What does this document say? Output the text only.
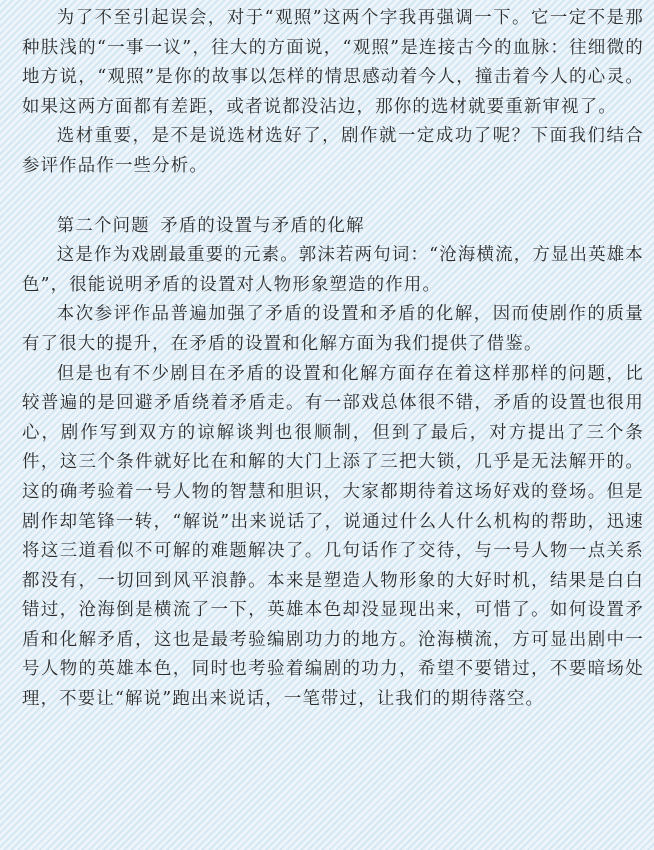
为了不至引起误会，对于“观照”这两个字我再强调一下。它一定不是那种肤浅的“一事一议”，往大的方面说，“观照”是连接古今的血脉：往细微的地方说，“观照”是你的故事以怎样的情思感动着今人，撞击着今人的心灵。如果这两方面都有差距，或者说都没沾边，那你的选材就要重新审视了。

选材重要，是不是说选材选好了，剧作就一定成功了呢？下面我们结合参评作品作一些分析。

第二个问题 矛盾的设置与矛盾的化解

这是作为戏剧最重要的元素。郭沫若两句词：“沧海横流，方显出英雄本色”，很能说明矛盾的设置对人物形象塑造的作用。

本次参评作品普遍加强了矛盾的设置和矛盾的化解，因而使剧作的质量有了很大的提升，在矛盾的设置和化解方面为我们提供了借鉴。

但是也有不少剧目在矛盾的设置和化解方面存在着这样那样的问题，比较普遍的是回避矛盾绕着矛盾走。有一部戏总体很不错，矛盾的设置也很用心，剧作写到双方的谅解谈判也很顺制，但到了最后，对方提出了三个条件，这三个条件就好比在和解的大门上添了三把大锁，几乎是无法解开的。这的确考验着一号人物的智慧和胆识，大家都期待着这场好戏的登场。但是剧作却笔锋一转，“解说”出来说话了，说通过什么人什么机构的帮助，迅速将这三道看似不可解的难题解决了。几句话作了交待，与一号人物一点关系都没有，一切回到风平浪静。本来是塑造人物形象的大好时机，结果是白白错过，沧海倒是横流了一下，英雄本色却没显现出来，可惜了。如何设置矛盾和化解矛盾，这也是最考验编剧功力的地方。沧海横流，方可显出剧中一号人物的英雄本色，同时也考验着编剧的功力，希望不要错过，不要暗场处理，不要让“解说”跑出来说话，一笔带过，让我们的期待落空。
